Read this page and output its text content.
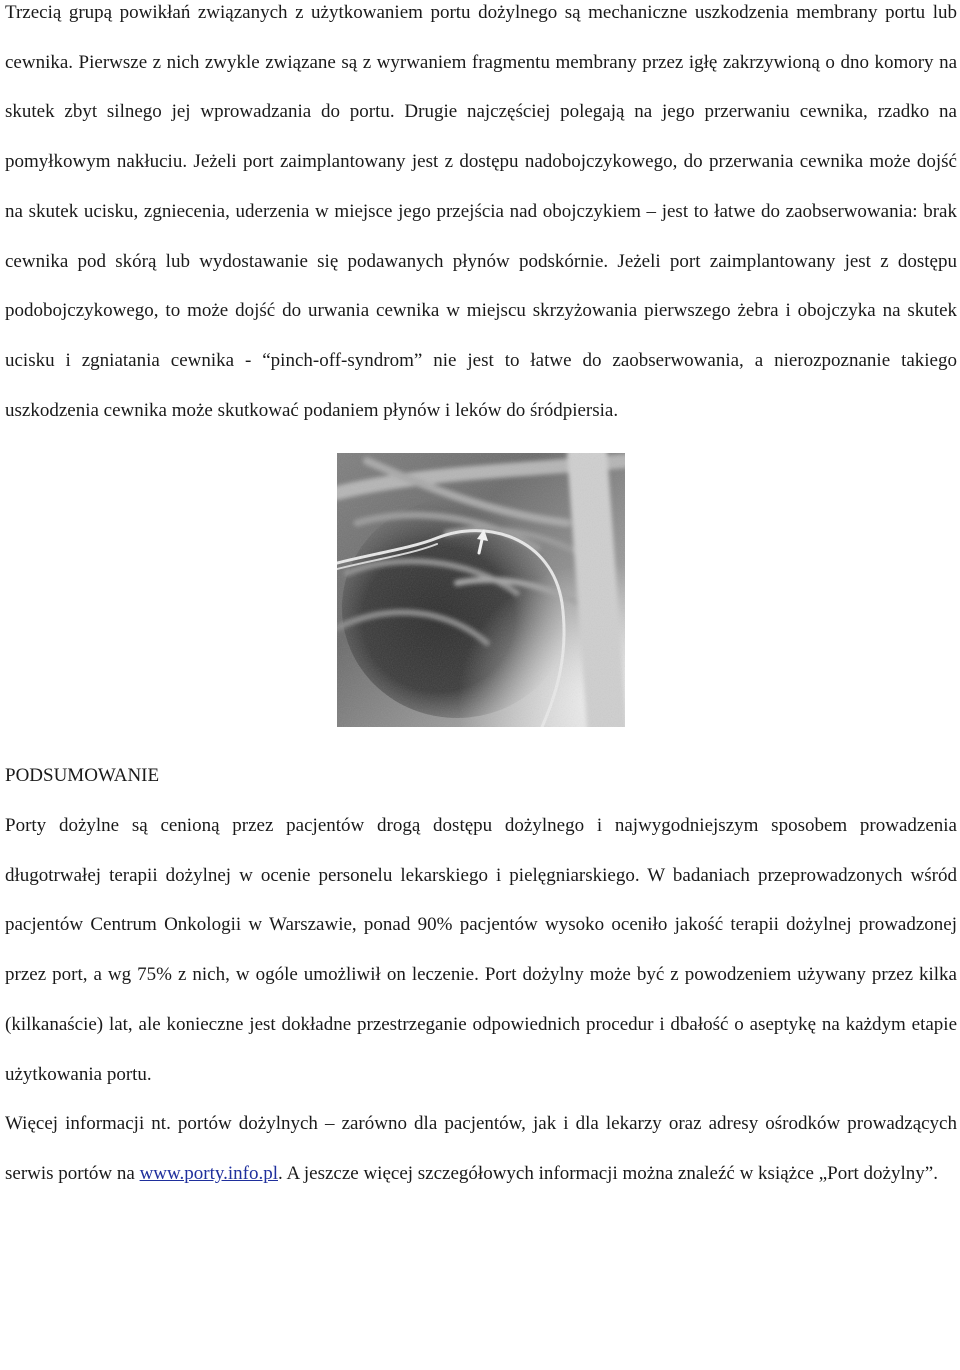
Trzecią grupą powikłań związanych z użytkowaniem portu dożylnego są mechaniczne uszkodzenia membrany portu lub cewnika. Pierwsze z nich zwykle związane są z wyrwaniem fragmentu membrany przez igłę zakrzywioną o dno komory na skutek zbyt silnego jej wprowadzania do portu. Drugie najczęściej polegają na jego przerwaniu cewnika, rzadko na pomyłkowym nakłuciu. Jeżeli port zaimplantowany jest z dostępu nadobojczykowego, do przerwania cewnika może dojść na skutek ucisku, zgniecenia, uderzenia w miejsce jego przejścia nad obojczykiem – jest to łatwe do zaobserwowania: brak cewnika pod skórą lub wydostawanie się podawanych płynów podskórnie. Jeżeli port zaimplantowany jest z dostępu podobojczykowego, to może dojść do urwania cewnika w miejscu skrzyżowania pierwszego żebra i obojczyka na skutek ucisku i zgniatania cewnika - “pinch-off-syndrom” nie jest to łatwe do zaobserwowania, a nierozpoznanie takiego uszkodzenia cewnika może skutkować podaniem płynów i leków do śródpiersia.

PODSUMOWANIE

Porty dożylne są cenioną przez pacjentów drogą dostępu dożylnego i najwygodniejszym sposobem prowadzenia długotrwałej terapii dożylnej w ocenie personelu lekarskiego i pielęgniarskiego. W badaniach przeprowadzonych wśród pacjentów Centrum Onkologii w Warszawie, ponad 90% pacjentów wysoko oceniło jakość terapii dożylnej prowadzonej przez port, a wg 75% z nich, w ogóle umożliwił on leczenie. Port dożylny może być z powodzeniem używany przez kilka (kilkanaście) lat, ale konieczne jest dokładne przestrzeganie odpowiednich procedur i dbałość o aseptykę na każdym etapie użytkowania portu.

Więcej informacji nt. portów dożylnych – zarówno dla pacjentów, jak i dla lekarzy oraz adresy ośrodków prowadzących serwis portów na www.porty.info.pl. A jeszcze więcej szczegółowych informacji można znaleźć w książce „Port dożylny”.
